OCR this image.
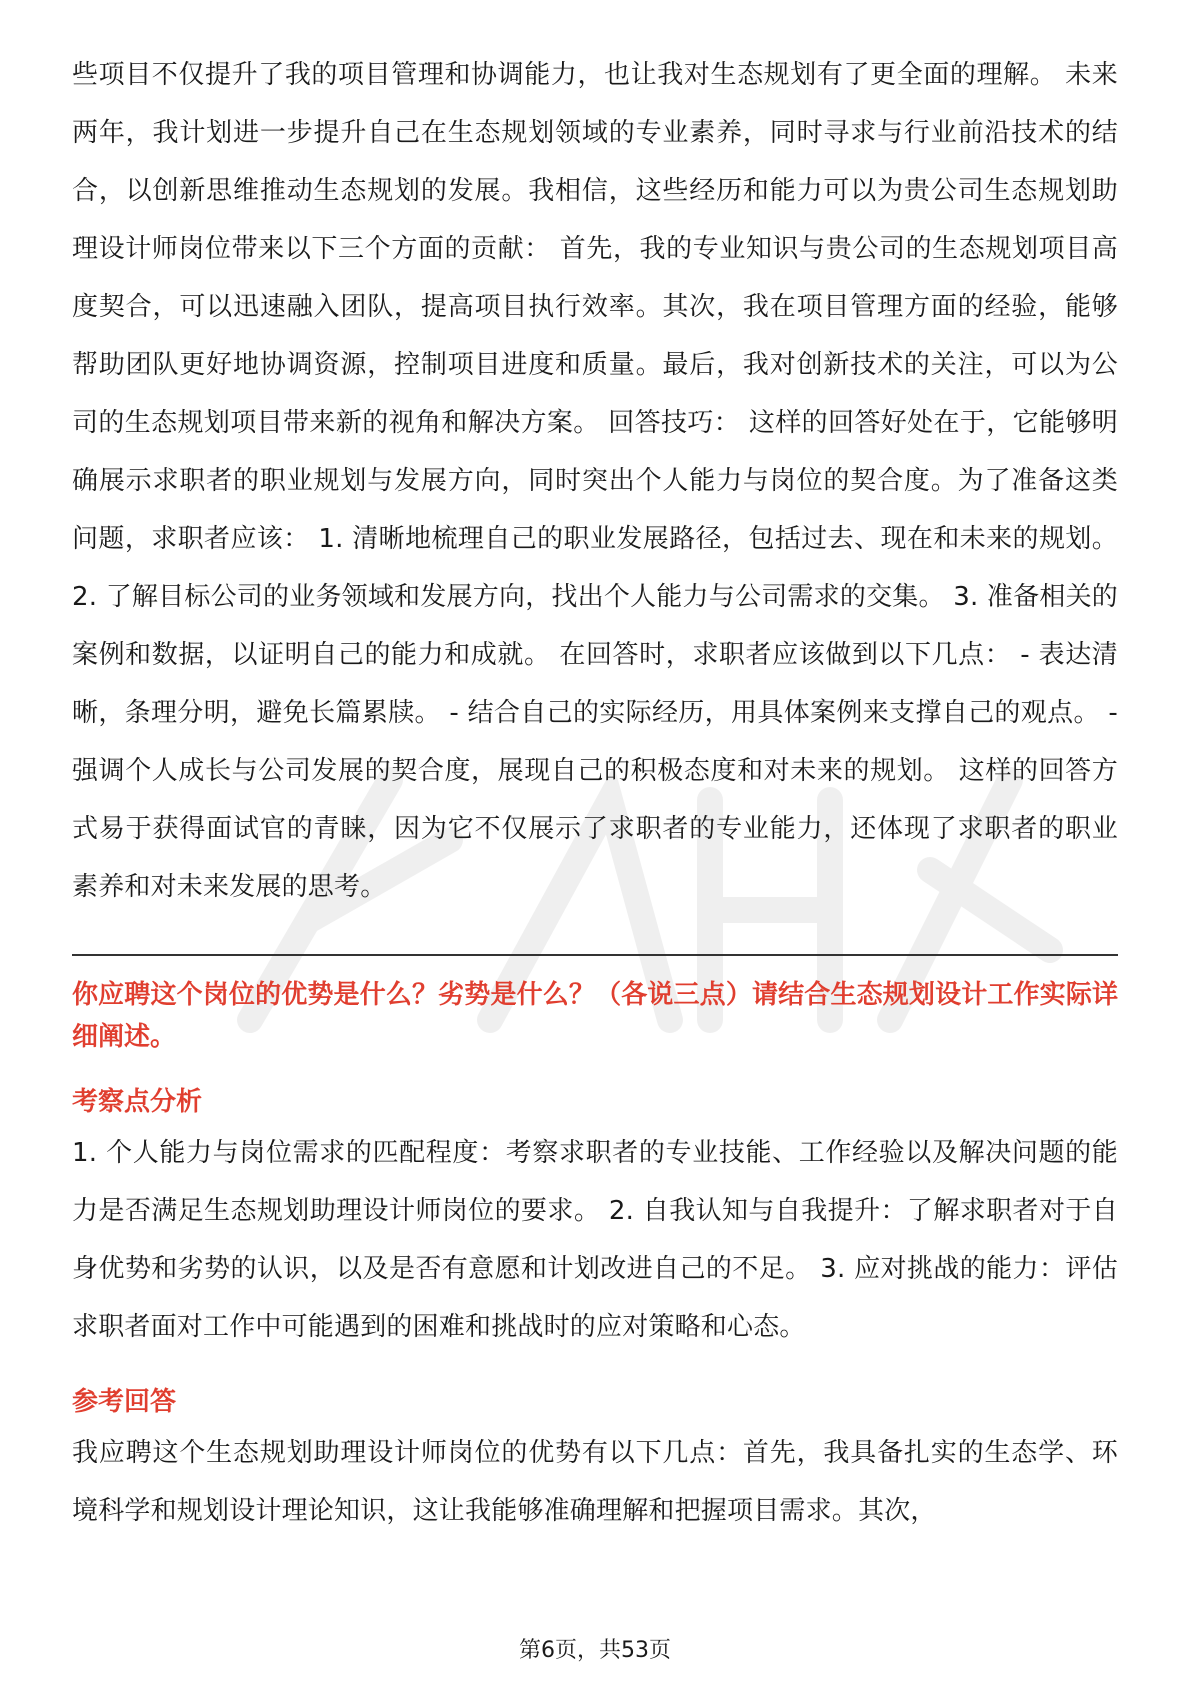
些项目不仅提升了我的项目管理和协调能力，也让我对生态规划有了更全面的理解。 未来两年，我计划进一步提升自己在生态规划领域的专业素养，同时寻求与行业前沿技术的结合，以创新思维推动生态规划的发展。我相信，这些经历和能力可以为贵公司生态规划助理设计师岗位带来以下三个方面的贡献： 首先，我的专业知识与贵公司的生态规划项目高度契合，可以迅速融入团队，提高项目执行效率。其次，我在项目管理方面的经验，能够帮助团队更好地协调资源，控制项目进度和质量。最后，我对创新技术的关注，可以为公司的生态规划项目带来新的视角和解决方案。 回答技巧： 这样的回答好处在于，它能够明确展示求职者的职业规划与发展方向，同时突出个人能力与岗位的契合度。为了准备这类问题，求职者应该： 1. 清晰地梳理自己的职业发展路径，包括过去、现在和未来的规划。 2. 了解目标公司的业务领域和发展方向，找出个人能力与公司需求的交集。 3. 准备相关的案例和数据，以证明自己的能力和成就。 在回答时，求职者应该做到以下几点： - 表达清晰，条理分明，避免长篇累牍。 - 结合自己的实际经历，用具体案例来支撑自己的观点。 - 强调个人成长与公司发展的契合度，展现自己的积极态度和对未来的规划。 这样的回答方式易于获得面试官的青睐，因为它不仅展示了求职者的专业能力，还体现了求职者的职业素养和对未来发展的思考。

你应聘这个岗位的优势是什么？劣势是什么？（各说三点）请结合生态规划设计工作实际详细阐述。

考察点分析

1. 个人能力与岗位需求的匹配程度：考察求职者的专业技能、工作经验以及解决问题的能力是否满足生态规划助理设计师岗位的要求。 2. 自我认知与自我提升：了解求职者对于自身优势和劣势的认识，以及是否有意愿和计划改进自己的不足。 3. 应对挑战的能力：评估求职者面对工作中可能遇到的困难和挑战时的应对策略和心态。

参考回答

我应聘这个生态规划助理设计师岗位的优势有以下几点：首先，我具备扎实的生态学、环境科学和规划设计理论知识，这让我能够准确理解和把握项目需求。其次，

第6页，共53页
